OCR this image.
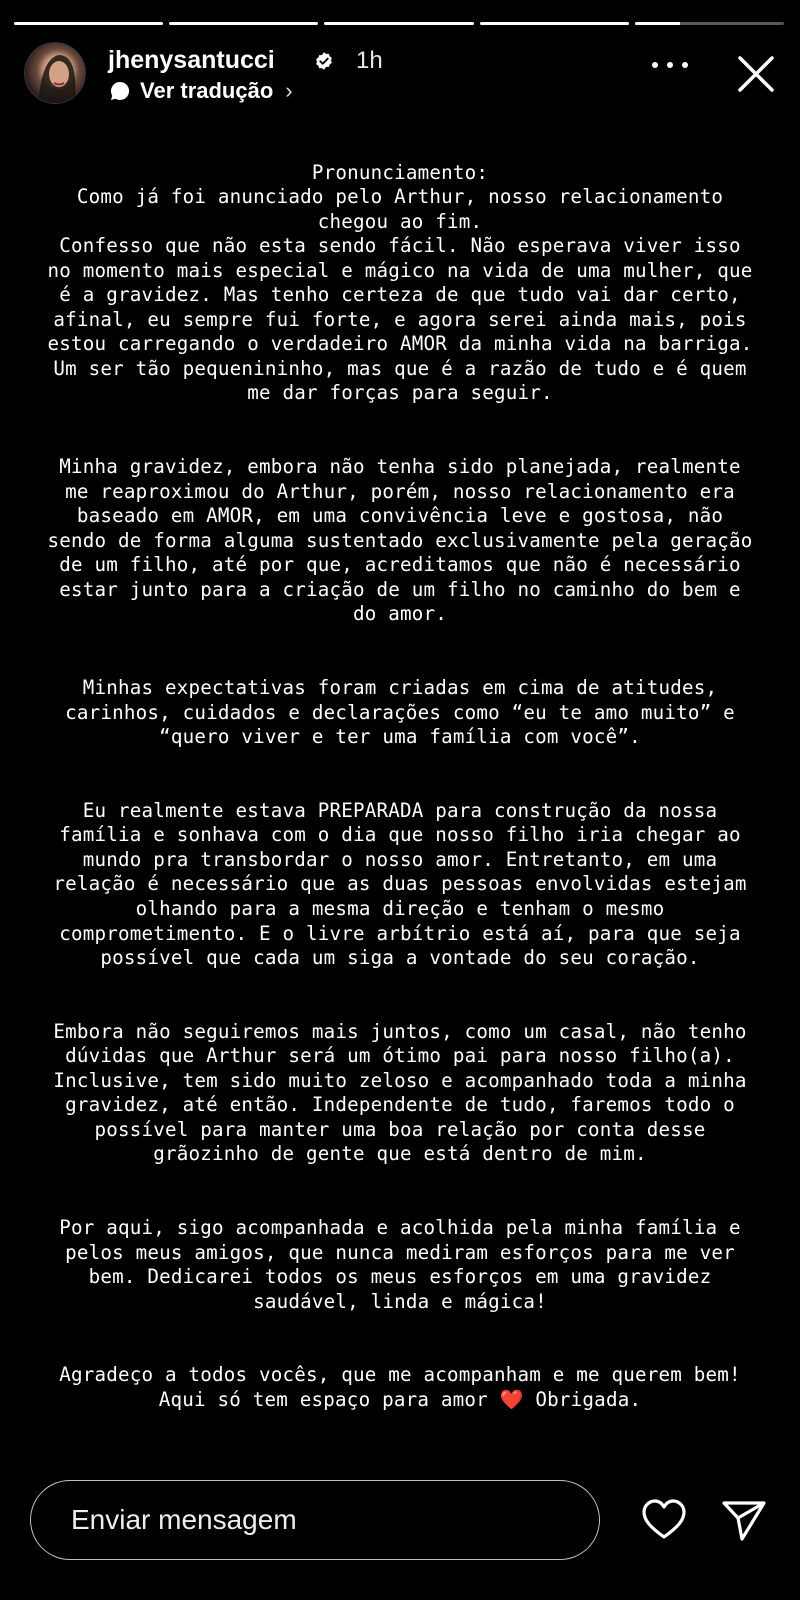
jhenysantucci	1h
Ver tradução ›

Pronunciamento:
Como já foi anunciado pelo Arthur, nosso relacionamento chegou ao fim.
Confesso que não esta sendo fácil. Não esperava viver isso no momento mais especial e mágico na vida de uma mulher, que é a gravidez. Mas tenho certeza de que tudo vai dar certo, afinal, eu sempre fui forte, e agora serei ainda mais, pois estou carregando o verdadeiro AMOR da minha vida na barriga. Um ser tão pequenininho, mas que é a razão de tudo e é quem me dar forças para seguir.

Minha gravidez, embora não tenha sido planejada, realmente me reaproximou do Arthur, porém, nosso relacionamento era baseado em AMOR, em uma convivência leve e gostosa, não sendo de forma alguma sustentado exclusivamente pela geração de um filho, até por que, acreditamos que não é necessário estar junto para a criação de um filho no caminho do bem e do amor.

Minhas expectativas foram criadas em cima de atitudes, carinhos, cuidados e declarações como “eu te amo muito” e “quero viver e ter uma família com você”.

Eu realmente estava PREPARADA para construção da nossa família e sonhava com o dia que nosso filho iria chegar ao mundo pra transbordar o nosso amor. Entretanto, em uma relação é necessário que as duas pessoas envolvidas estejam olhando para a mesma direção e tenham o mesmo comprometimento. E o livre arbítrio está aí, para que seja possível que cada um siga a vontade do seu coração.

Embora não seguiremos mais juntos, como um casal, não tenho dúvidas que Arthur será um ótimo pai para nosso filho(a). Inclusive, tem sido muito zeloso e acompanhado toda a minha gravidez, até então. Independente de tudo, faremos todo o possível para manter uma boa relação por conta desse grãozinho de gente que está dentro de mim.

Por aqui, sigo acompanhada e acolhida pela minha família e pelos meus amigos, que nunca mediram esforços para me ver bem. Dedicarei todos os meus esforços em uma gravidez saudável, linda e mágica!

Agradeço a todos vocês, que me acompanham e me querem bem! Aqui só tem espaço para amor ❤️ Obrigada.

Enviar mensagem
